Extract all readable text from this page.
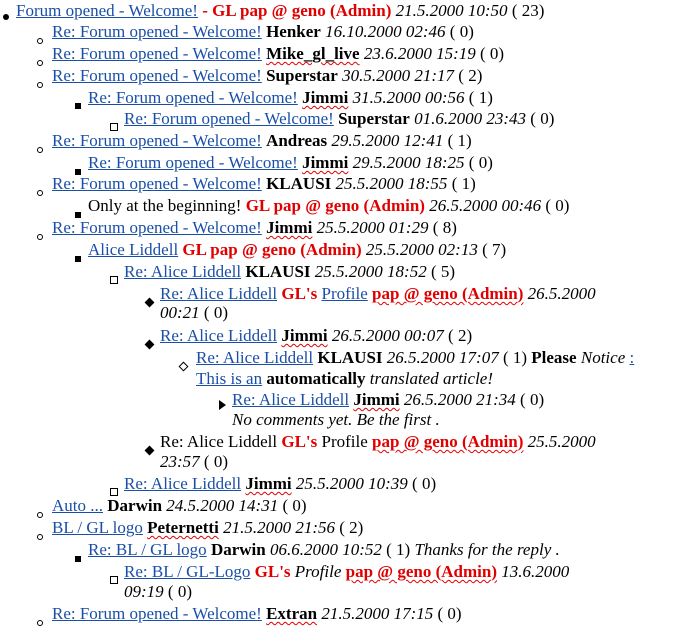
Forum opened - Welcome! - GL pap @ geno (Admin) 21.5.2000 10:50 ( 23)
Re: Forum opened - Welcome! Henker 16.10.2000 02:46 ( 0)
Re: Forum opened - Welcome! Mike_gl_live 23.6.2000 15:19 ( 0)
Re: Forum opened - Welcome! Superstar 30.5.2000 21:17 ( 2)
Re: Forum opened - Welcome! Jimmi 31.5.2000 00:56 ( 1)
Re: Forum opened - Welcome! Superstar 01.6.2000 23:43 ( 0)
Re: Forum opened - Welcome! Andreas 29.5.2000 12:41 ( 1)
Re: Forum opened - Welcome! Jimmi 29.5.2000 18:25 ( 0)
Re: Forum opened - Welcome! KLAUSI 25.5.2000 18:55 ( 1)
Only at the beginning! GL pap @ geno (Admin) 26.5.2000 00:46 ( 0)
Re: Forum opened - Welcome! Jimmi 25.5.2000 01:29 ( 8)
Alice Liddell GL pap @ geno (Admin) 25.5.2000 02:13 ( 7)
Re: Alice Liddell KLAUSI 25.5.2000 18:52 ( 5)
Re: Alice Liddell GL's Profile pap @ geno (Admin) 26.5.2000
00:21 ( 0)
Re: Alice Liddell Jimmi 26.5.2000 00:07 ( 2)
Re: Alice Liddell KLAUSI 26.5.2000 17:07 ( 1) Please Notice :
This is an automatically translated article!
Re: Alice Liddell Jimmi 26.5.2000 21:34 ( 0)
No comments yet. Be the first .
Re: Alice Liddell GL's Profile pap @ geno (Admin) 25.5.2000
23:57 ( 0)
Re: Alice Liddell Jimmi 25.5.2000 10:39 ( 0)
Auto ... Darwin 24.5.2000 14:31 ( 0)
BL / GL logo Peternetti 21.5.2000 21:56 ( 2)
Re: BL / GL logo Darwin 06.6.2000 10:52 ( 1) Thanks for the reply .
Re: BL / GL-Logo GL's Profile pap @ geno (Admin) 13.6.2000
09:19 ( 0)
Re: Forum opened - Welcome! Extran 21.5.2000 17:15 ( 0)
